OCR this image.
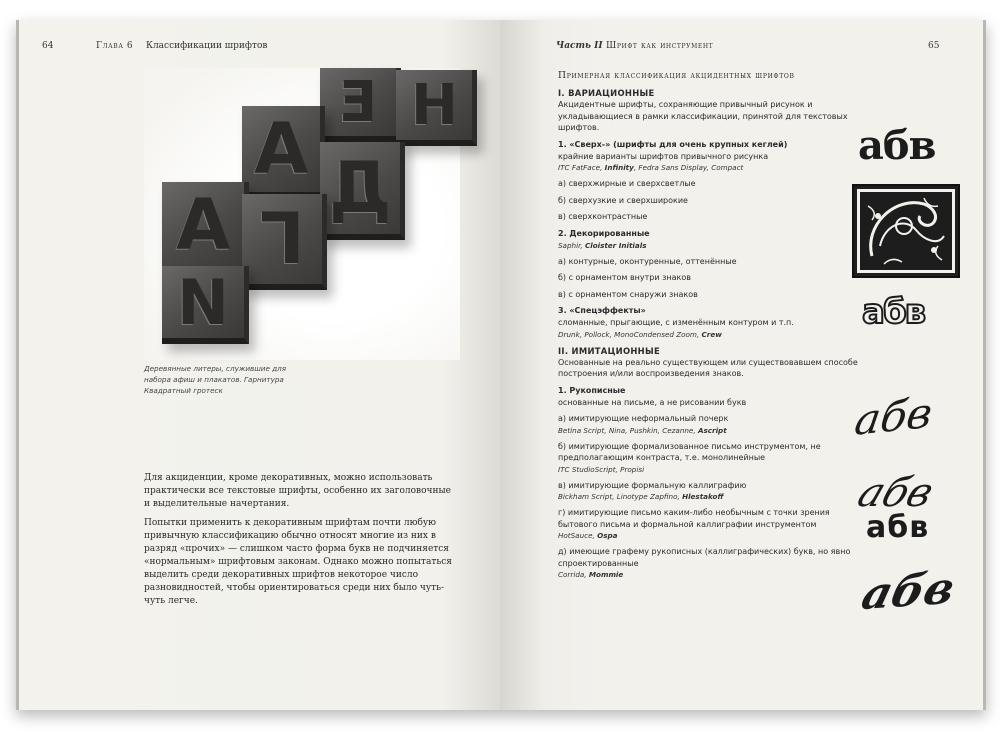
64	Глава 6 Классификации шрифтов
Е Н
А Д
А Г
И
Деревянные литеры, служившие для набора афиш и плакатов. Гарнитура Квадратный гротеск

Для акциденции, кроме декоративных, можно использовать практически все текстовые шрифты, особенно их заголовочные и выделительные начертания.

Попытки применить к декоративным шрифтам почти любую привычную классификацию обычно относят многие из них в разряд «прочих» — слишком часто форма букв не подчиняется «нормальным» шрифтовым законам. Однако можно попытаться выделить среди декоративных шрифтов некоторое число разновидностей, чтобы ориентироваться среди них было чуть-чуть легче.

Часть II Шрифт как инструмент	65
Примерная классификация акцидентных шрифтов
I. ВАРИАЦИОННЫЕ
Акцидентные шрифты, сохраняющие привычный рисунок и укладывающиеся в рамки классификации, принятой для текстовых шрифтов.
1. «Сверх-» (шрифты для очень крупных кеглей)
крайние варианты шрифтов привычного рисунка
ITC FatFace, Infinity, Fedra Sans Display, Compact
а) сверхжирные и сверхсветлые
б) сверхузкие и сверхширокие
в) сверхконтрастные
2. Декорированные
Saphir, Cloister Initials
а) контурные, оконтуренные, оттенённые
б) с орнаментом внутри знаков
в) с орнаментом снаружи знаков
3. «Спецэффекты»
сломанные, прыгающие, с изменённым контуром и т.п.
Drunk, Pollock, MonoCondensed Zoom, Crew
II. ИМИТАЦИОННЫЕ
Основанные на реально существующем или существовавшем способе построения и/или воспроизведения знаков.
1. Рукописные
основанные на письме, а не рисовании букв
а) имитирующие неформальный почерк
Betina Script, Nina, Pushkin, Cezanne, Ascript
б) имитирующие формализованное письмо инструментом, не предполагающим контраста, т.е. монолинейные
ITC StudioScript, Propisi
в) имитирующие формальную каллиграфию
Bickham Script, Linotype Zapfino, Hlestakoff
г) имитирующие письмо каким-либо необычным с точки зрения бытового письма и формальной каллиграфии инструментом
HotSauce, Ospa
д) имеющие графему рукописных (каллиграфических) букв, но явно спроектированные
Corrida, Mommie
абв
абв
абв
абв
абв
абв
